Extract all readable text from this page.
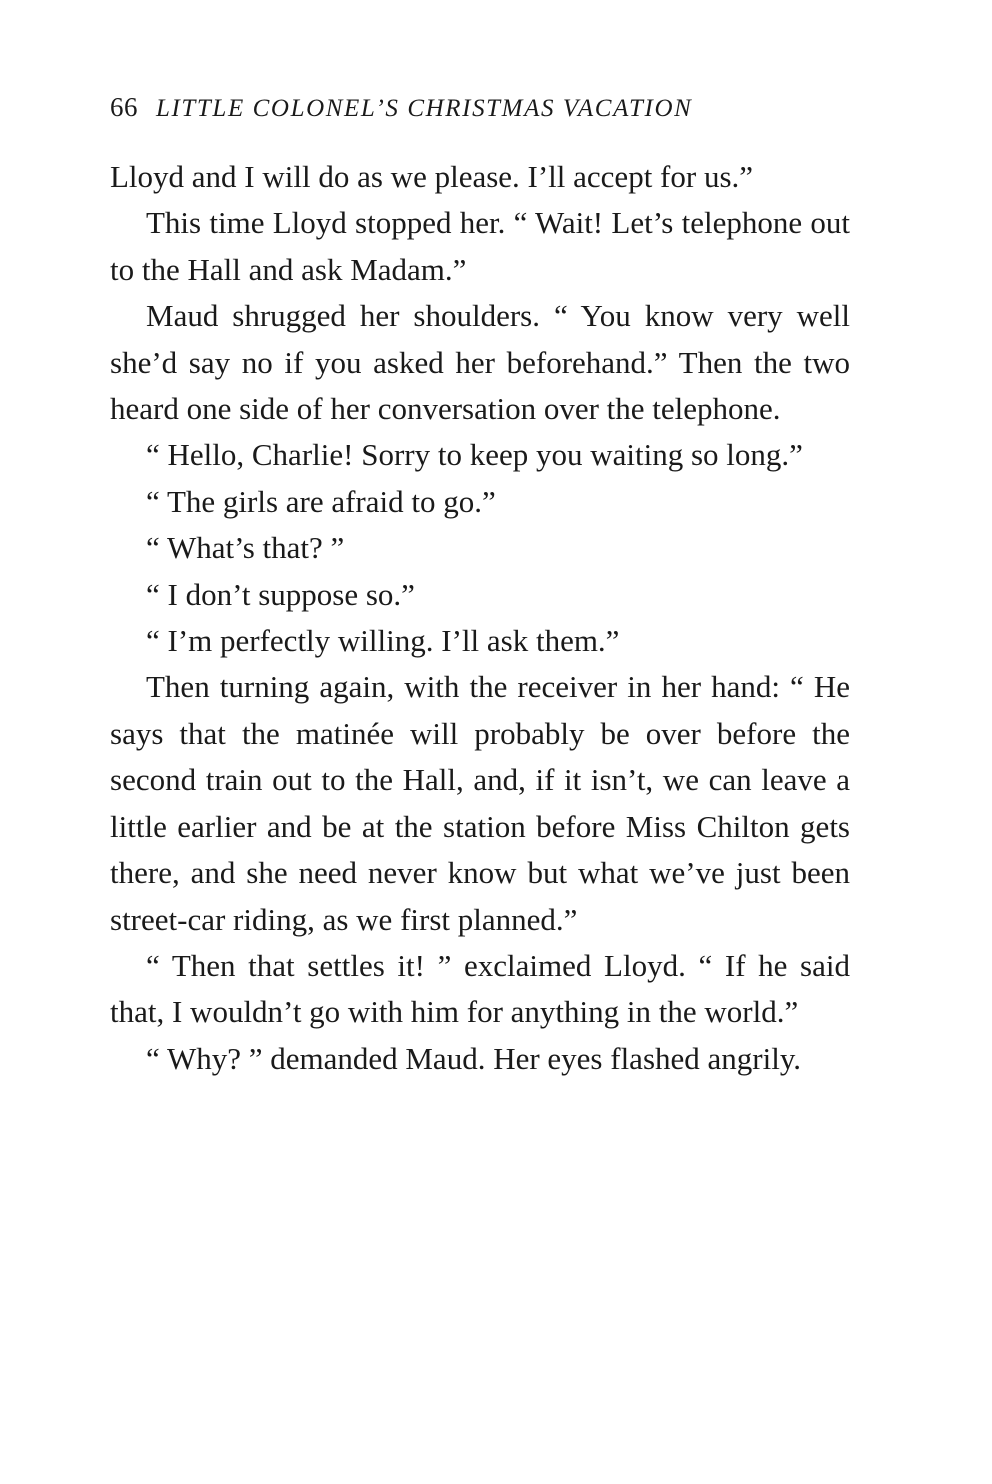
66 LITTLE COLONEL’S CHRISTMAS VACATION

Lloyd and I will do as we please. I’ll accept for us.”

This time Lloyd stopped her. “ Wait! Let’s telephone out to the Hall and ask Madam.”

Maud shrugged her shoulders. “ You know very well she’d say no if you asked her beforehand.” Then the two heard one side of her conversation over the telephone.

“ Hello, Charlie! Sorry to keep you waiting so long.”

“ The girls are afraid to go.”

“ What’s that? ”

“ I don’t suppose so.”

“ I’m perfectly willing. I’ll ask them.”

Then turning again, with the receiver in her hand: “ He says that the matinée will probably be over before the second train out to the Hall, and, if it isn’t, we can leave a little earlier and be at the station before Miss Chilton gets there, and she need never know but what we’ve just been street-car riding, as we first planned.”

“ Then that settles it! ” exclaimed Lloyd. “ If he said that, I wouldn’t go with him for anything in the world.”

“ Why? ” demanded Maud. Her eyes flashed angrily.
